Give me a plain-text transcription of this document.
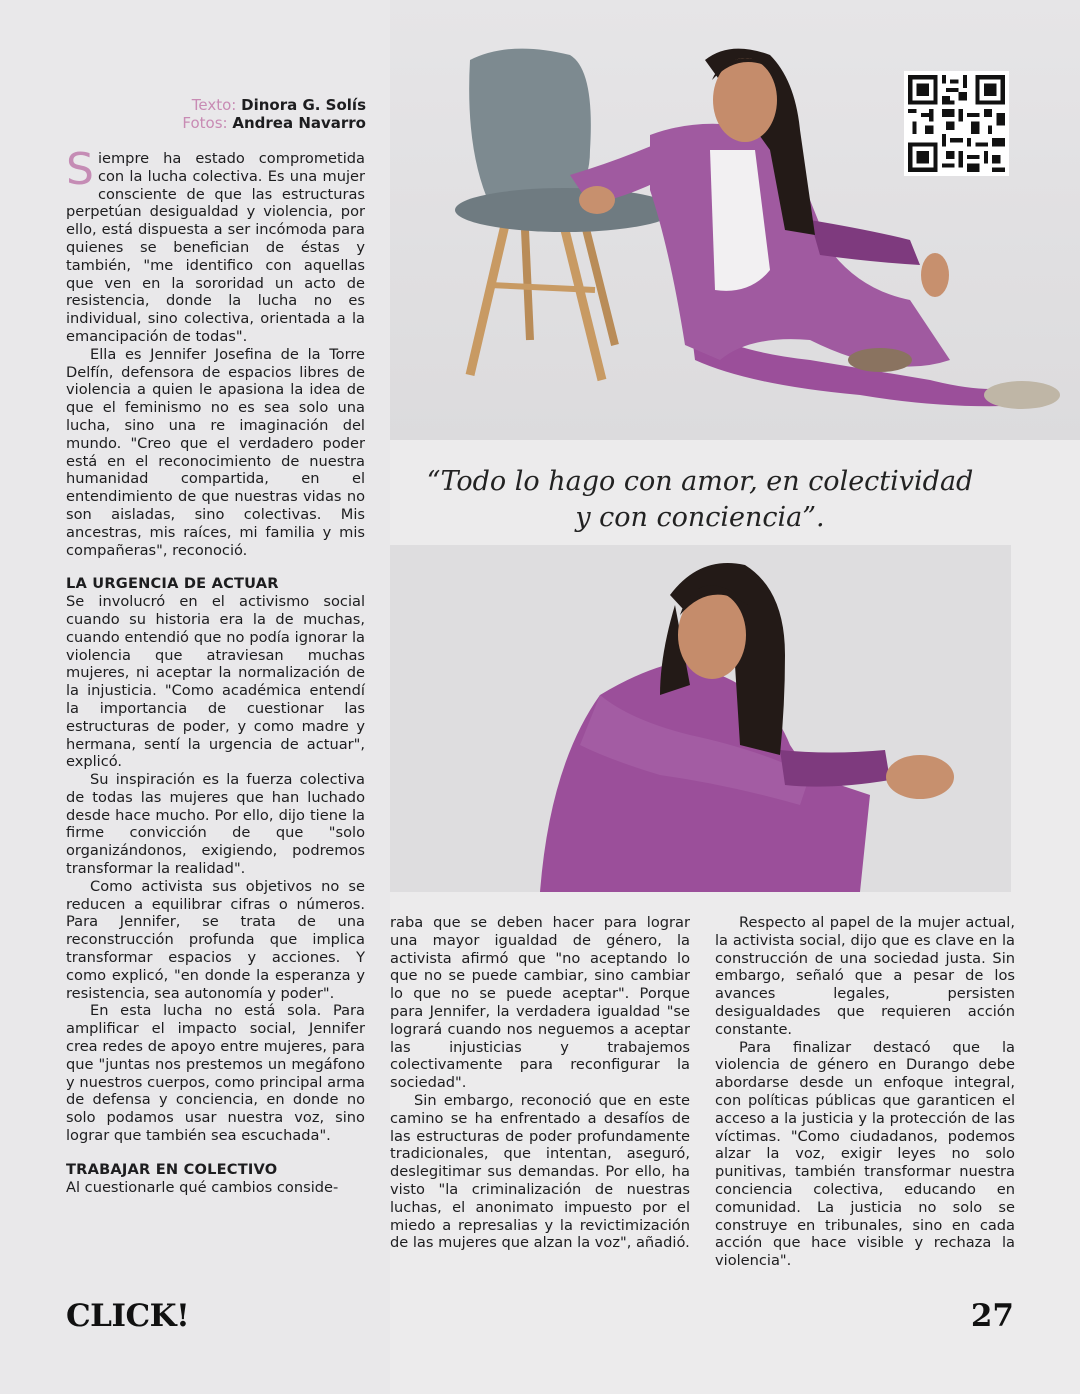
Texto: Dinora G. Solís
Fotos: Andrea Navarro

Siempre ha estado comprometida con la lucha colectiva. Es una mujer consciente de que las estructuras perpetúan desigualdad y violencia, por ello, está dispuesta a ser incómoda para quienes se benefician de éstas y también, "me identifico con aquellas que ven en la sororidad un acto de resistencia, donde la lucha no es individual, sino colectiva, orientada a la emancipación de todas".

Ella es Jennifer Josefina de la Torre Delfín, defensora de espacios libres de violencia a quien le apasiona la idea de que el feminismo no es sea solo una lucha, sino una re imaginación del mundo. "Creo que el verdadero poder está en el reconocimiento de nuestra humanidad compartida, en el entendimiento de que nuestras vidas no son aisladas, sino colectivas. Mis ancestras, mis raíces, mi familia y mis compañeras", reconoció.

LA URGENCIA DE ACTUAR

Se involucró en el activismo social cuando su historia era la de muchas, cuando entendió que no podía ignorar la violencia que atraviesan muchas mujeres, ni aceptar la normalización de la injusticia. "Como académica entendí la importancia de cuestionar las estructuras de poder, y como madre y hermana, sentí la urgencia de actuar", explicó.

Su inspiración es la fuerza colectiva de todas las mujeres que han luchado desde hace mucho. Por ello, dijo tiene la firme convicción de que "solo organizándonos, exigiendo, podremos transformar la realidad".

Como activista sus objetivos no se reducen a equilibrar cifras o números. Para Jennifer, se trata de una reconstrucción profunda que implica transformar espacios y acciones. Y como explicó, "en donde la esperanza y resistencia, sea autonomía y poder".

En esta lucha no está sola. Para amplificar el impacto social, Jennifer crea redes de apoyo entre mujeres, para que "juntas nos prestemos un megáfono y nuestros cuerpos, como principal arma de defensa y conciencia, en donde no solo podamos usar nuestra voz, sino lograr que también sea escuchada".

TRABAJAR EN COLECTIVO

Al cuestionarle qué cambios conside-

“Todo lo hago con amor, en colectividad
y con conciencia”.

raba que se deben hacer para lograr una mayor igualdad de género, la activista afirmó que "no aceptando lo que no se puede cambiar, sino cambiar lo que no se puede aceptar". Porque para Jennifer, la verdadera igualdad "se logrará cuando nos neguemos a aceptar las injusticias y trabajemos colectivamente para reconfigurar la sociedad".

Sin embargo, reconoció que en este camino se ha enfrentado a desafíos de las estructuras de poder profundamente tradicionales, que intentan, aseguró, deslegitimar sus demandas. Por ello, ha visto "la criminalización de nuestras luchas, el anonimato impuesto por el miedo a represalias y la revictimización de las mujeres que alzan la voz", añadió.

Respecto al papel de la mujer actual, la activista social, dijo que es clave en la construcción de una sociedad justa. Sin embargo, señaló que a pesar de los avances legales, persisten desigualdades que requieren acción constante.

Para finalizar destacó que la violencia de género en Durango debe abordarse desde un enfoque integral, con políticas públicas que garanticen el acceso a la justicia y la protección de las víctimas. "Como ciudadanos, podemos alzar la voz, exigir leyes no solo punitivas, también transformar nuestra conciencia colectiva, educando en comunidad. La justicia no solo se construye en tribunales, sino en cada acción que hace visible y rechaza la violencia".

CLICK!	27
